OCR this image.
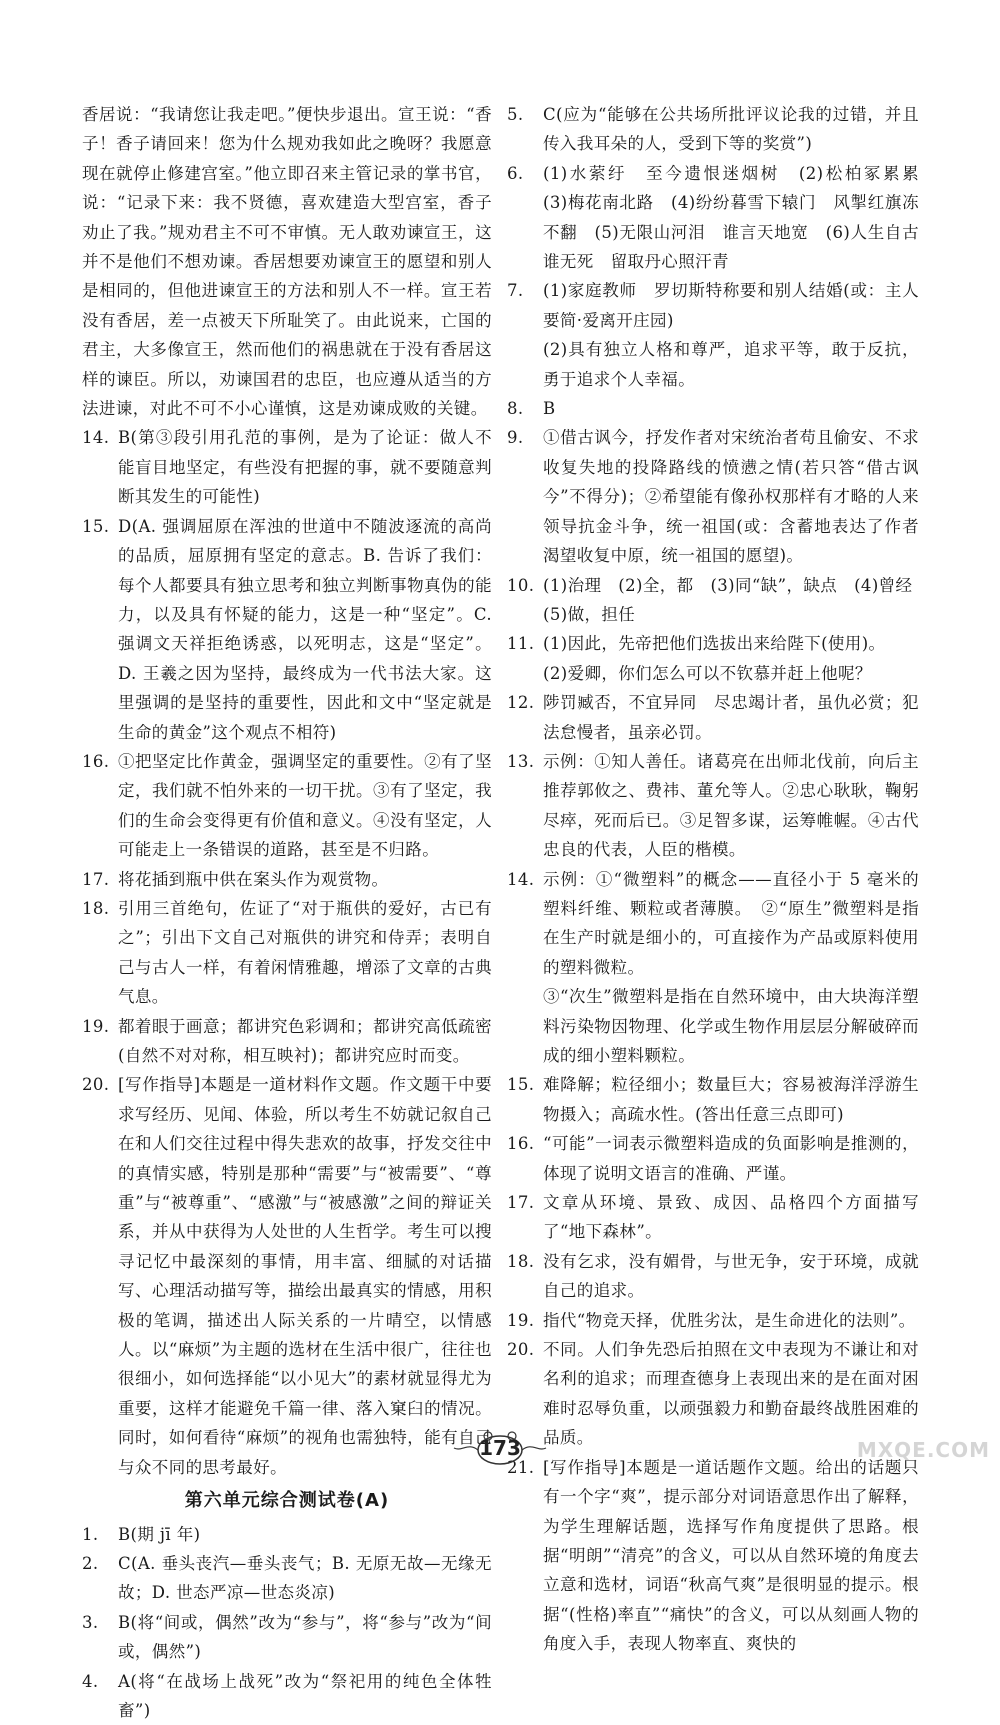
香居说：“我请您让我走吧。”便快步退出。宣王说：“香子！香子请回来！您为什么规劝我如此之晚呀？我愿意现在就停止修建宫室。”他立即召来主管记录的掌书官，说：“记录下来：我不贤德，喜欢建造大型宫室，香子劝止了我。”规劝君主不可不审慎。无人敢劝谏宣王，这并不是他们不想劝谏。香居想要劝谏宣王的愿望和别人是相同的，但他进谏宣王的方法和别人不一样。宣王若没有香居，差一点被天下所耻笑了。由此说来，亡国的君主，大多像宣王，然而他们的祸患就在于没有香居这样的谏臣。所以，劝谏国君的忠臣，也应遵从适当的方法进谏，对此不可不小心谨慎，这是劝谏成败的关键。

14. B(第③段引用孔范的事例，是为了论证：做人不能盲目地坚定，有些没有把握的事，就不要随意判断其发生的可能性)
15. D(A. 强调屈原在浑浊的世道中不随波逐流的高尚的品质，屈原拥有坚定的意志。B. 告诉了我们：每个人都要具有独立思考和独立判断事物真伪的能力，以及具有怀疑的能力，这是一种“坚定”。C. 强调文天祥拒绝诱惑，以死明志，这是“坚定”。D. 王羲之因为坚持，最终成为一代书法大家。这里强调的是坚持的重要性，因此和文中“坚定就是生命的黄金”这个观点不相符)
16. ①把坚定比作黄金，强调坚定的重要性。②有了坚定，我们就不怕外来的一切干扰。③有了坚定，我们的生命会变得更有价值和意义。④没有坚定，人可能走上一条错误的道路，甚至是不归路。
17. 将花插到瓶中供在案头作为观赏物。
18. 引用三首绝句，佐证了“对于瓶供的爱好，古已有之”；引出下文自己对瓶供的讲究和侍弄；表明自己与古人一样，有着闲情雅趣，增添了文章的古典气息。
19. 都着眼于画意；都讲究色彩调和；都讲究高低疏密(自然不对对称，相互映衬)；都讲究应时而变。
20. [写作指导]本题是一道材料作文题。作文题干中要求写经历、见闻、体验，所以考生不妨就记叙自己在和人们交往过程中得失悲欢的故事，抒发交往中的真情实感，特别是那种“需要”与“被需要”、“尊重”与“被尊重”、“感激”与“被感激”之间的辩证关系，并从中获得为人处世的人生哲学。考生可以搜寻记忆中最深刻的事情，用丰富、细腻的对话描写、心理活动描写等，描绘出最真实的情感，用积极的笔调，描述出人际关系的一片晴空，以情感人。以“麻烦”为主题的选材在生活中很广，往往也很细小，如何选择能“以小见大”的素材就显得尤为重要，这样才能避免千篇一律、落入窠臼的情况。同时，如何看待“麻烦”的视角也需独特，能有自己与众不同的思考最好。
第六单元综合测试卷(A)
1.	B(期 jī 年)
2.	C(A. 垂头丧汽—垂头丧气；B. 无原无故—无缘无故；D. 世态严凉—世态炎凉)
3.	B(将“间或，偶然”改为“参与”，将“参与”改为“间或，偶然”)
4.	A(将“在战场上战死”改为“祭祀用的纯色全体牲畜”)
5.	C(应为“能够在公共场所批评议论我的过错，并且传入我耳朵的人，受到下等的奖赏”)
6.	(1)水萦纡　至今遗恨迷烟树　(2)松柏冢累累　(3)梅花南北路　(4)纷纷暮雪下辕门　风掣红旗冻不翻　(5)无限山河泪　谁言天地宽　(6)人生自古谁无死　留取丹心照汗青
7.	(1)家庭教师　罗切斯特称要和别人结婚(或：主人要简·爱离开庄园)

(2)具有独立人格和尊严，追求平等，敢于反抗，勇于追求个人幸福。

8.	B
9.	①借古讽今，抒发作者对宋统治者苟且偷安、不求收复失地的投降路线的愤懑之情(若只答“借古讽今”不得分)；②希望能有像孙权那样有才略的人来领导抗金斗争，统一祖国(或：含蓄地表达了作者渴望收复中原，统一祖国的愿望)。
10. (1)治理　(2)全，都　(3)同“缺”，缺点　(4)曾经

(5)做，担任

11. (1)因此，先帝把他们选拔出来给陛下(使用)。

(2)爱卿，你们怎么可以不钦慕并赶上他呢？

12. 陟罚臧否，不宜异同　尽忠竭计者，虽仇必赏；犯法怠慢者，虽亲必罚。
13. 示例：①知人善任。诸葛亮在出师北伐前，向后主推荐郭攸之、费祎、董允等人。②忠心耿耿，鞠躬尽瘁，死而后已。③足智多谋，运筹帷幄。④古代忠良的代表，人臣的楷模。
14. 示例：①“微塑料”的概念——直径小于 5 毫米的塑料纤维、颗粒或者薄膜。　②“原生”微塑料是指在生产时就是细小的，可直接作为产品或原料使用的塑料微粒。

③“次生”微塑料是指在自然环境中，由大块海洋塑料污染物因物理、化学或生物作用层层分解破碎而成的细小塑料颗粒。

15. 难降解；粒径细小；数量巨大；容易被海洋浮游生物摄入；高疏水性。(答出任意三点即可)
16. “可能”一词表示微塑料造成的负面影响是推测的，体现了说明文语言的准确、严谨。
17. 文章从环境、景致、成因、品格四个方面描写了“地下森林”。
18. 没有乞求，没有媚骨，与世无争，安于环境，成就自己的追求。
19. 指代“物竞天择，优胜劣汰，是生命进化的法则”。
20. 不同。人们争先恐后拍照在文中表现为不谦让和对名利的追求；而理查德身上表现出来的是在面对困难时忍辱负重，以顽强毅力和勤奋最终战胜困难的品质。
21. [写作指导]本题是一道话题作文题。给出的话题只有一个字“爽”，提示部分对词语意思作出了解释，为学生理解话题，选择写作角度提供了思路。根据“明朗”“清亮”的含义，可以从自然环境的角度去立意和选材，词语“秋高气爽”是很明显的提示。根据“(性格)率直”“痛快”的含义，可以从刻画人物的角度入手，表现人物率直、爽快的
173	MXQE.COM
